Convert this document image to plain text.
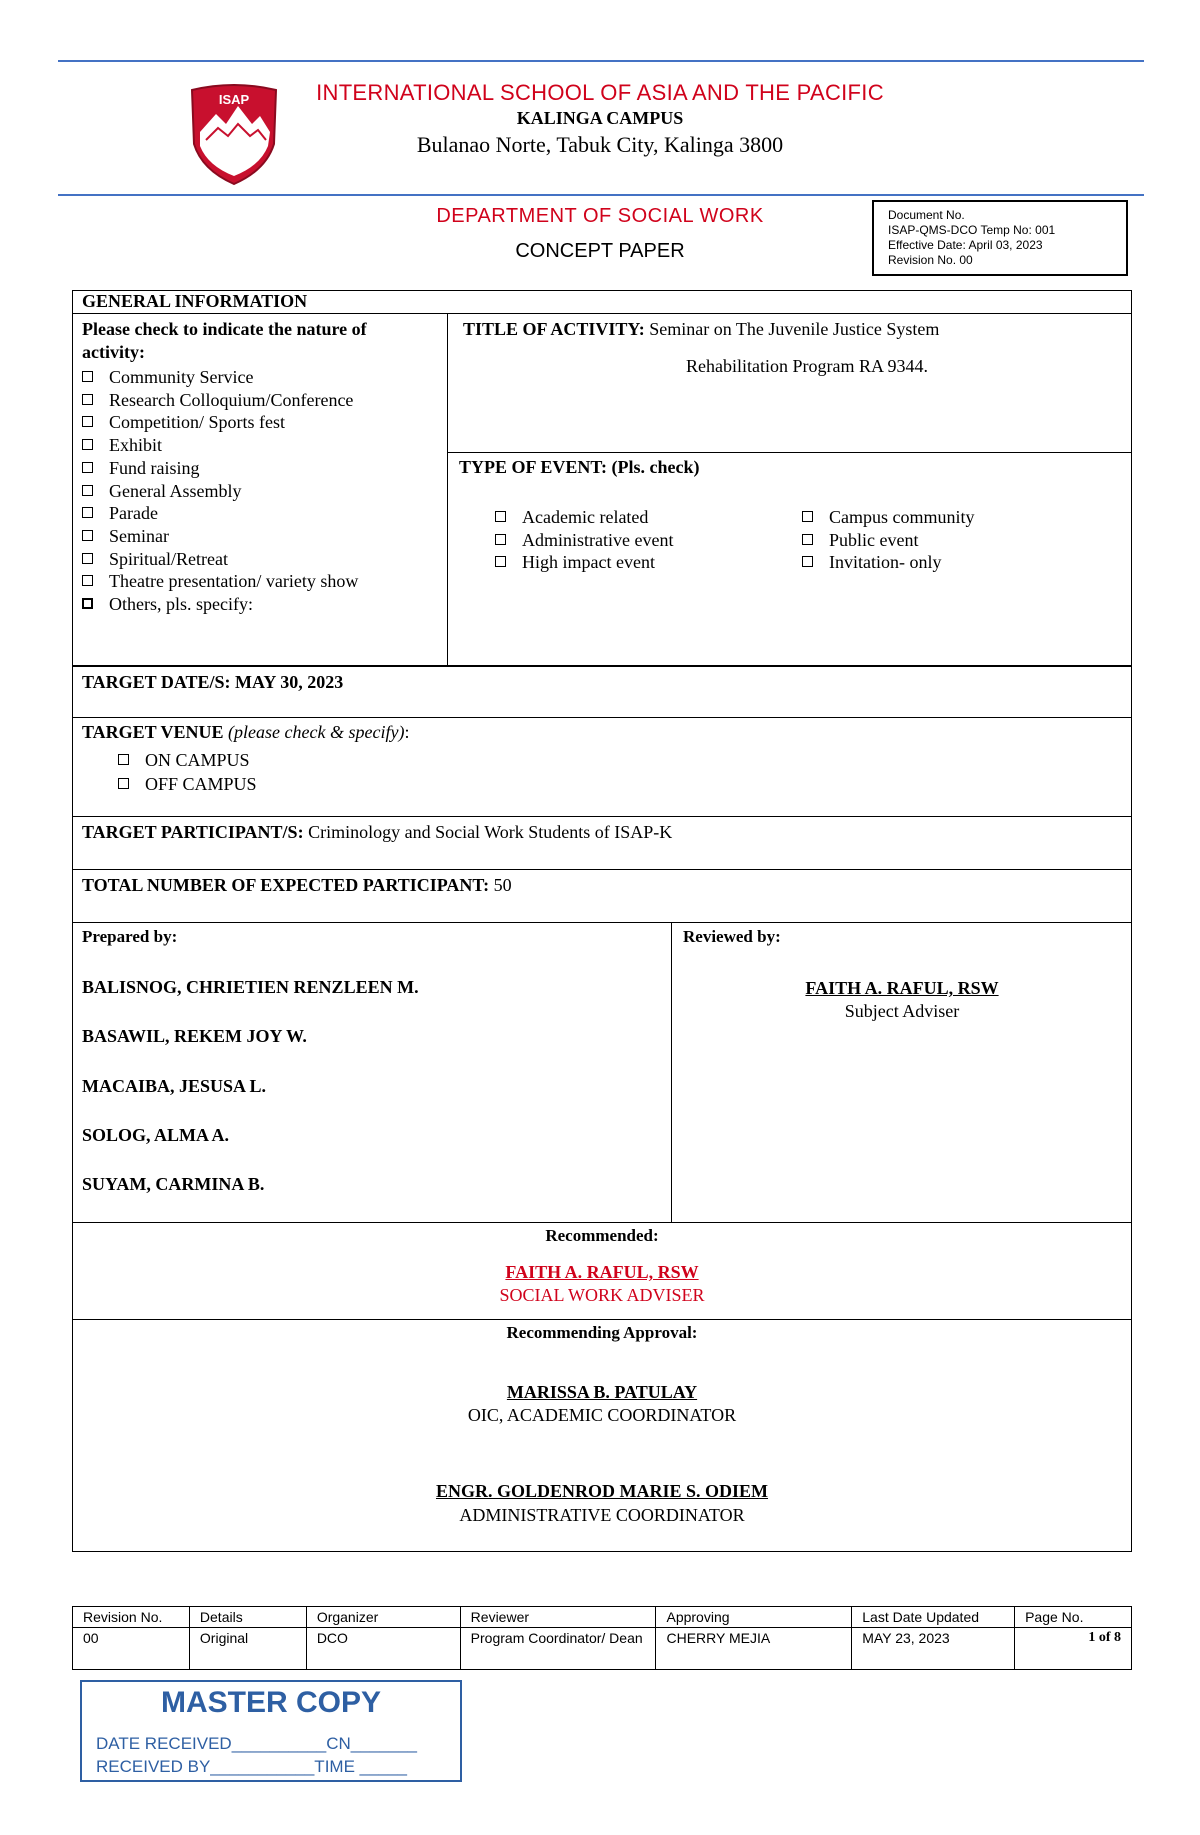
ISAP	INTERNATIONAL SCHOOL OF ASIA AND THE PACIFIC
KALINGA CAMPUS
Bulanao Norte, Tabuk City, Kalinga 3800
DEPARTMENT OF SOCIAL WORK
CONCEPT PAPER
Document No.
ISAP-QMS-DCO Temp No: 001
Effective Date: April 03, 2023
Revision No. 00
GENERAL INFORMATION
Please check to indicate the nature of
activity:
Community Service
Research Colloquium/Conference
Competition/ Sports fest
Exhibit
Fund raising
General Assembly
Parade
Seminar
Spiritual/Retreat
Theatre presentation/ variety show
Others, pls. specify:
TITLE OF ACTIVITY: Seminar on The Juvenile Justice System
Rehabilitation Program RA 9344.
TYPE OF EVENT: (Pls. check)
Academic related
Administrative event
High impact event
Campus community
Public event
Invitation- only
TARGET DATE/S: MAY 30, 2023
TARGET VENUE (please check & specify):
ON CAMPUS
OFF CAMPUS
TARGET PARTICIPANT/S: Criminology and Social Work Students of ISAP-K
TOTAL NUMBER OF EXPECTED PARTICIPANT: 50
Prepared by:
BALISNOG, CHRIETIEN RENZLEEN M.
BASAWIL, REKEM JOY W.
MACAIBA, JESUSA L.
SOLOG, ALMA A.
SUYAM, CARMINA B.
Reviewed by:
FAITH A. RAFUL, RSW
Subject Adviser
Recommended:
FAITH A. RAFUL, RSW
SOCIAL WORK ADVISER
Recommending Approval:
MARISSA B. PATULAY
OIC, ACADEMIC COORDINATOR
ENGR. GOLDENROD MARIE S. ODIEM
ADMINISTRATIVE COORDINATOR
Revision No.	Details	Organizer	Reviewer	Approving	Last Date Updated	Page No.
00	Original	DCO	Program Coordinator/ Dean	CHERRY MEJIA	MAY 23, 2023	1 of 8
MASTER COPY
DATE RECEIVED__________CN_______
RECEIVED BY___________TIME _____
